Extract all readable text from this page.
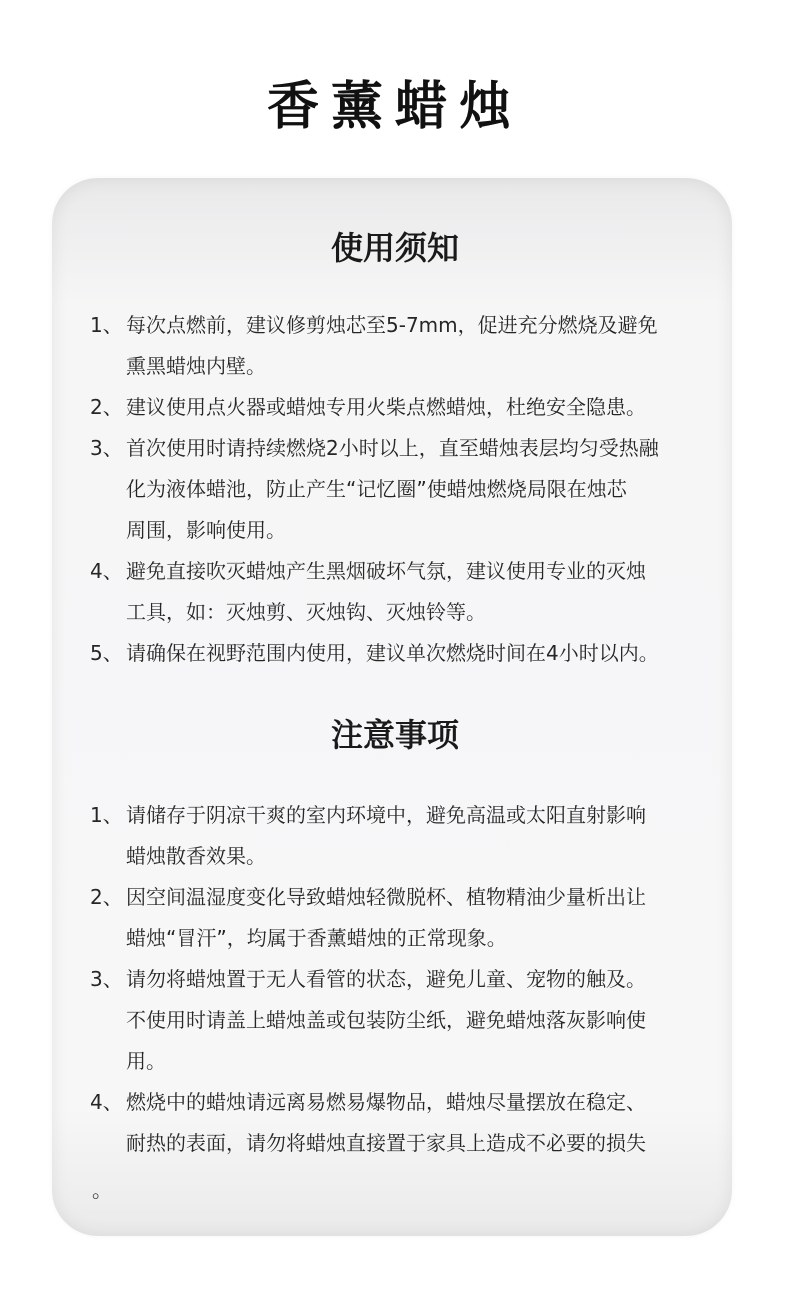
香薰蜡烛
使用须知
1、 每次点燃前，建议修剪烛芯至5-7mm，促进充分燃烧及避免
熏黑蜡烛内壁。
2、 建议使用点火器或蜡烛专用火柴点燃蜡烛，杜绝安全隐患。
3、 首次使用时请持续燃烧2小时以上，直至蜡烛表层均匀受热融
化为液体蜡池，防止产生“记忆圈”使蜡烛燃烧局限在烛芯
周围，影响使用。
4、 避免直接吹灭蜡烛产生黑烟破坏气氛，建议使用专业的灭烛
工具，如：灭烛剪、灭烛钩、灭烛铃等。
5、 请确保在视野范围内使用，建议单次燃烧时间在4小时以内。
注意事项
1、 请储存于阴凉干爽的室内环境中，避免高温或太阳直射影响
蜡烛散香效果。
2、 因空间温湿度变化导致蜡烛轻微脱杯、植物精油少量析出让
蜡烛“冒汗”，均属于香薰蜡烛的正常现象。
3、 请勿将蜡烛置于无人看管的状态，避免儿童、宠物的触及。
不使用时请盖上蜡烛盖或包装防尘纸，避免蜡烛落灰影响使
用。
4、 燃烧中的蜡烛请远离易燃易爆物品，蜡烛尽量摆放在稳定、
耐热的表面，请勿将蜡烛直接置于家具上造成不必要的损失
。
